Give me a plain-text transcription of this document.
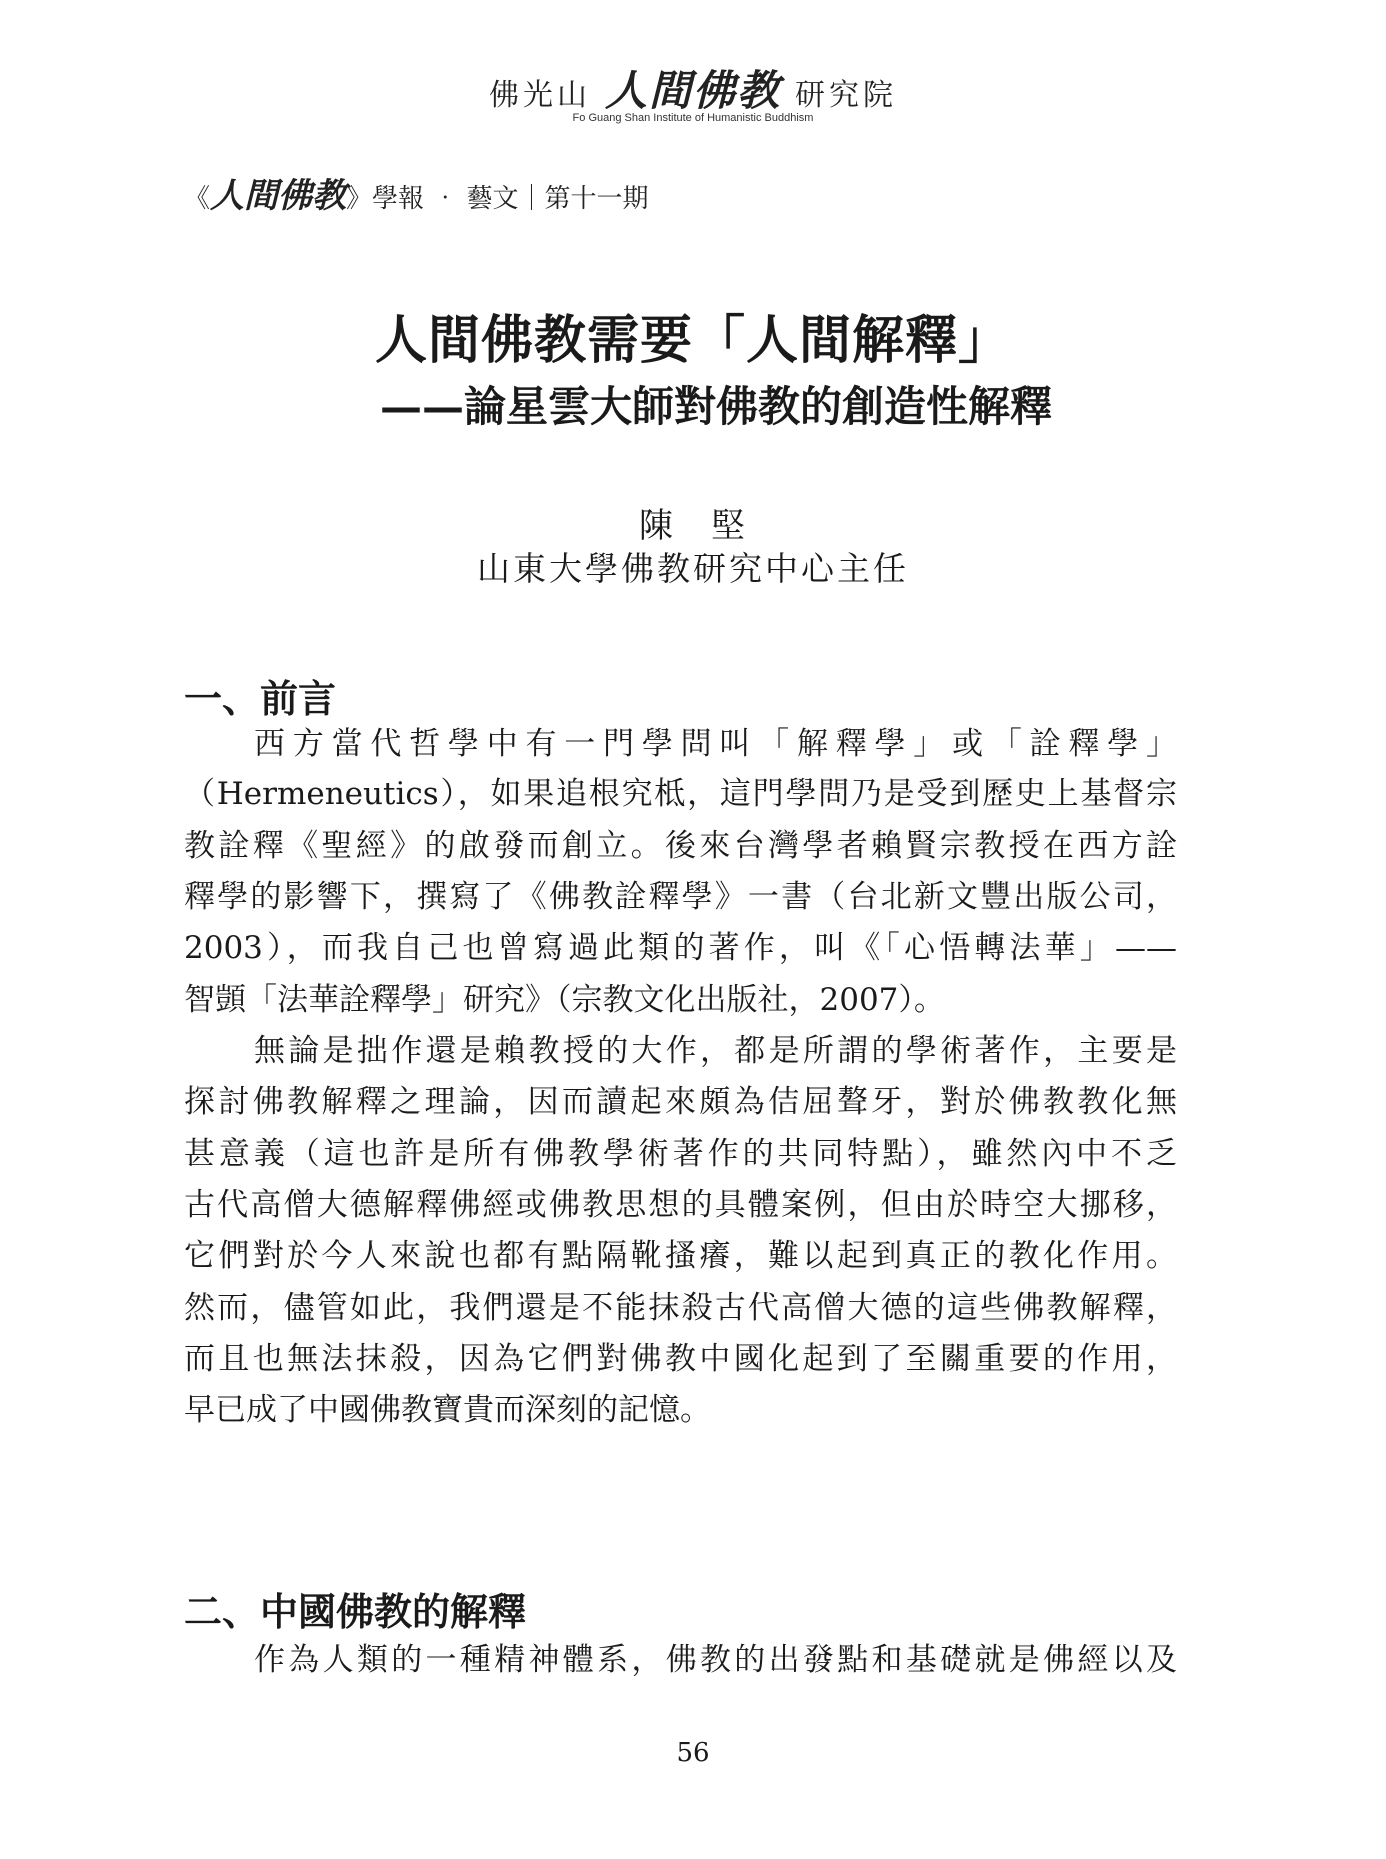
佛光山 人間佛教 研究院
Fo Guang Shan Institute of Humanistic Buddhism
《人間佛教》學報 ‧ 藝文｜第十一期
人間佛教需要「人間解釋」
——論星雲大師對佛教的創造性解釋
陳　堅
山東大學佛教研究中心主任
一、前言
西方當代哲學中有一門學問叫「解釋學」或「詮釋學」
（Hermeneutics），如果追根究柢，這門學問乃是受到歷史上基督宗
教詮釋《聖經》的啟發而創立。後來台灣學者賴賢宗教授在西方詮
釋學的影響下，撰寫了《佛教詮釋學》一書（台北新文豐出版公司，
2003），而我自己也曾寫過此類的著作，叫《「心悟轉法華」——
智顗「法華詮釋學」研究》（宗教文化出版社，2007）。
無論是拙作還是賴教授的大作，都是所謂的學術著作，主要是
探討佛教解釋之理論，因而讀起來頗為佶屈聱牙，對於佛教教化無
甚意義（這也許是所有佛教學術著作的共同特點），雖然內中不乏
古代高僧大德解釋佛經或佛教思想的具體案例，但由於時空大挪移，
它們對於今人來說也都有點隔靴搔癢，難以起到真正的教化作用。
然而，儘管如此，我們還是不能抹殺古代高僧大德的這些佛教解釋，
而且也無法抹殺，因為它們對佛教中國化起到了至關重要的作用，
早已成了中國佛教寶貴而深刻的記憶。
二、中國佛教的解釋
作為人類的一種精神體系，佛教的出發點和基礎就是佛經以及
56
